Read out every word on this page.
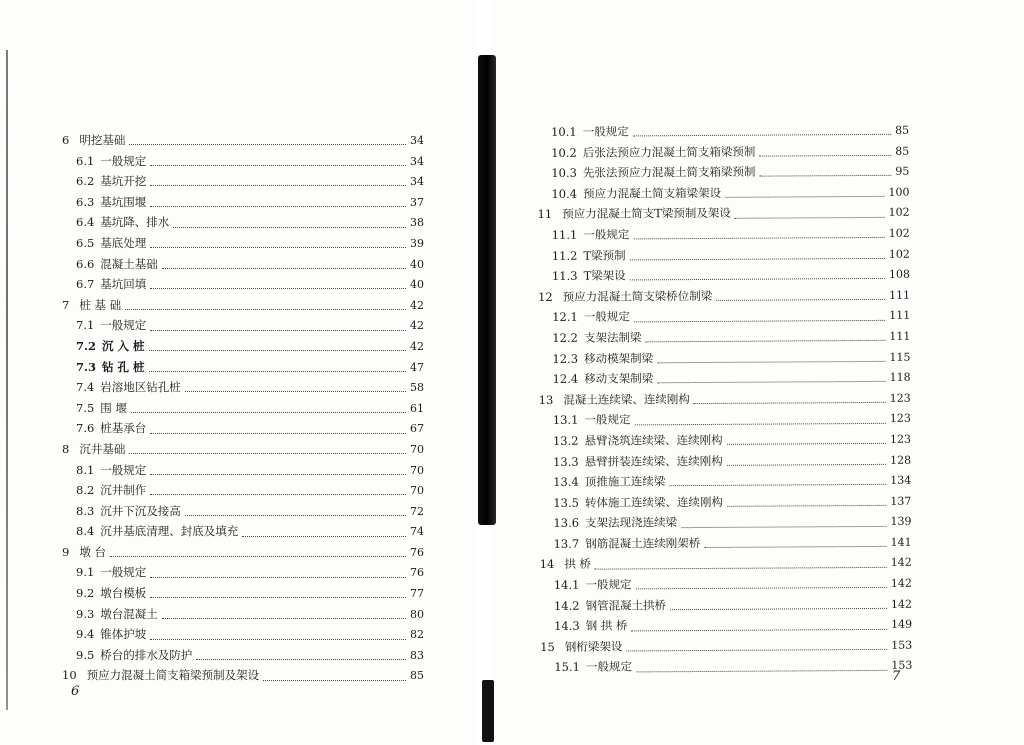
6 明挖基础	34
6.1 一般规定	34
6.2 基坑开挖	34
6.3 基坑围堰	37
6.4 基坑降、排水	38
6.5 基底处理	39
6.6 混凝土基础	40
6.7 基坑回填	40
7 桩 基 础	42
7.1 一般规定	42
7.2 沉 入 桩	42
7.3 钻 孔 桩	47
7.4 岩溶地区钻孔桩	58
7.5 围 堰	61
7.6 桩基承台	67
8 沉井基础	70
8.1 一般规定	70
8.2 沉井制作	70
8.3 沉井下沉及接高	72
8.4 沉井基底清理、封底及填充	74
9 墩 台	76
9.1 一般规定	76
9.2 墩台模板	77
9.3 墩台混凝土	80
9.4 锥体护坡	82
9.5 桥台的排水及防护	83
10 预应力混凝土简支箱梁预制及架设	85
10.1 一般规定	85
10.2 后张法预应力混凝土简支箱梁预制	85
10.3 先张法预应力混凝土简支箱梁预制	95
10.4 预应力混凝土简支箱梁架设	100
11 预应力混凝土简支T梁预制及架设	102
11.1 一般规定	102
11.2 T梁预制	102
11.3 T梁架设	108
12 预应力混凝土简支梁桥位制梁	111
12.1 一般规定	111
12.2 支架法制梁	111
12.3 移动模架制梁	115
12.4 移动支架制梁	118
13 混凝土连续梁、连续刚构	123
13.1 一般规定	123
13.2 悬臂浇筑连续梁、连续刚构	123
13.3 悬臂拼装连续梁、连续刚构	128
13.4 顶推施工连续梁	134
13.5 转体施工连续梁、连续刚构	137
13.6 支架法现浇连续梁	139
13.7 钢筋混凝土连续刚架桥	141
14 拱 桥	142
14.1 一般规定	142
14.2 钢管混凝土拱桥	142
14.3 钢 拱 桥	149
15 钢桁梁架设	153
15.1 一般规定	153
6
7
